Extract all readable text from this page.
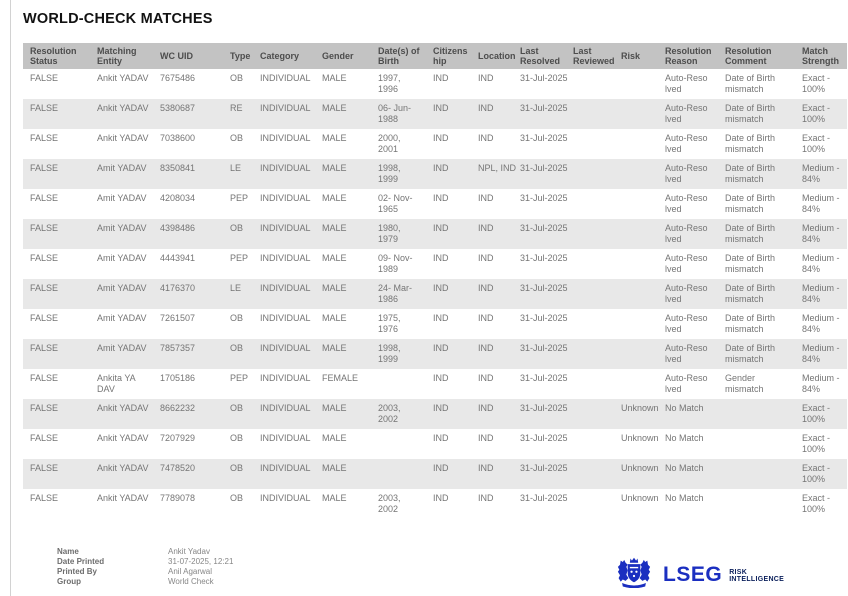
WORLD-CHECK MATCHES
Resolution Status	Matching Entity	WC UID	Type	Category	Gender	Date(s) of Birth	Citizens hip	Location	Last Resolved	Last Reviewed	Risk	Resolution Reason	Resolution Comment	Match Strength
FALSE	Ankit YADAV	7675486	OB	INDIVIDUAL	MALE	1997, 1996	IND	IND	31-Jul-2025			Auto-Reso lved	Date of Birth mismatch	Exact - 100%
FALSE	Ankit YADAV	5380687	RE	INDIVIDUAL	MALE	06- Jun-1988	IND	IND	31-Jul-2025			Auto-Reso lved	Date of Birth mismatch	Exact - 100%
FALSE	Ankit YADAV	7038600	OB	INDIVIDUAL	MALE	2000, 2001	IND	IND	31-Jul-2025			Auto-Reso lved	Date of Birth mismatch	Exact - 100%
FALSE	Amit YADAV	8350841	LE	INDIVIDUAL	MALE	1998, 1999	IND	NPL, IND	31-Jul-2025			Auto-Reso lved	Date of Birth mismatch	Medium - 84%
FALSE	Amit YADAV	4208034	PEP	INDIVIDUAL	MALE	02- Nov-1965	IND	IND	31-Jul-2025			Auto-Reso lved	Date of Birth mismatch	Medium - 84%
FALSE	Amit YADAV	4398486	OB	INDIVIDUAL	MALE	1980, 1979	IND	IND	31-Jul-2025			Auto-Reso lved	Date of Birth mismatch	Medium - 84%
FALSE	Amit YADAV	4443941	PEP	INDIVIDUAL	MALE	09- Nov-1989	IND	IND	31-Jul-2025			Auto-Reso lved	Date of Birth mismatch	Medium - 84%
FALSE	Amit YADAV	4176370	LE	INDIVIDUAL	MALE	24- Mar-1986	IND	IND	31-Jul-2025			Auto-Reso lved	Date of Birth mismatch	Medium - 84%
FALSE	Amit YADAV	7261507	OB	INDIVIDUAL	MALE	1975, 1976	IND	IND	31-Jul-2025			Auto-Reso lved	Date of Birth mismatch	Medium - 84%
FALSE	Amit YADAV	7857357	OB	INDIVIDUAL	MALE	1998, 1999	IND	IND	31-Jul-2025			Auto-Reso lved	Date of Birth mismatch	Medium - 84%
FALSE	Ankita YA DAV	1705186	PEP	INDIVIDUAL	FEMALE		IND	IND	31-Jul-2025			Auto-Reso lved	Gender mismatch	Medium - 84%
FALSE	Ankit YADAV	8662232	OB	INDIVIDUAL	MALE	2003, 2002	IND	IND	31-Jul-2025		Unknown	No Match		Exact - 100%
FALSE	Ankit YADAV	7207929	OB	INDIVIDUAL	MALE		IND	IND	31-Jul-2025		Unknown	No Match		Exact - 100%
FALSE	Ankit YADAV	7478520	OB	INDIVIDUAL	MALE		IND	IND	31-Jul-2025		Unknown	No Match		Exact - 100%
FALSE	Ankit YADAV	7789078	OB	INDIVIDUAL	MALE	2003, 2002	IND	IND	31-Jul-2025		Unknown	No Match		Exact - 100%
Name	Ankit Yadav
Date Printed	31-07-2025, 12:21
Printed By	Anil Agarwal
Group	World Check	LSEG RISK
INTELLIGENCE
